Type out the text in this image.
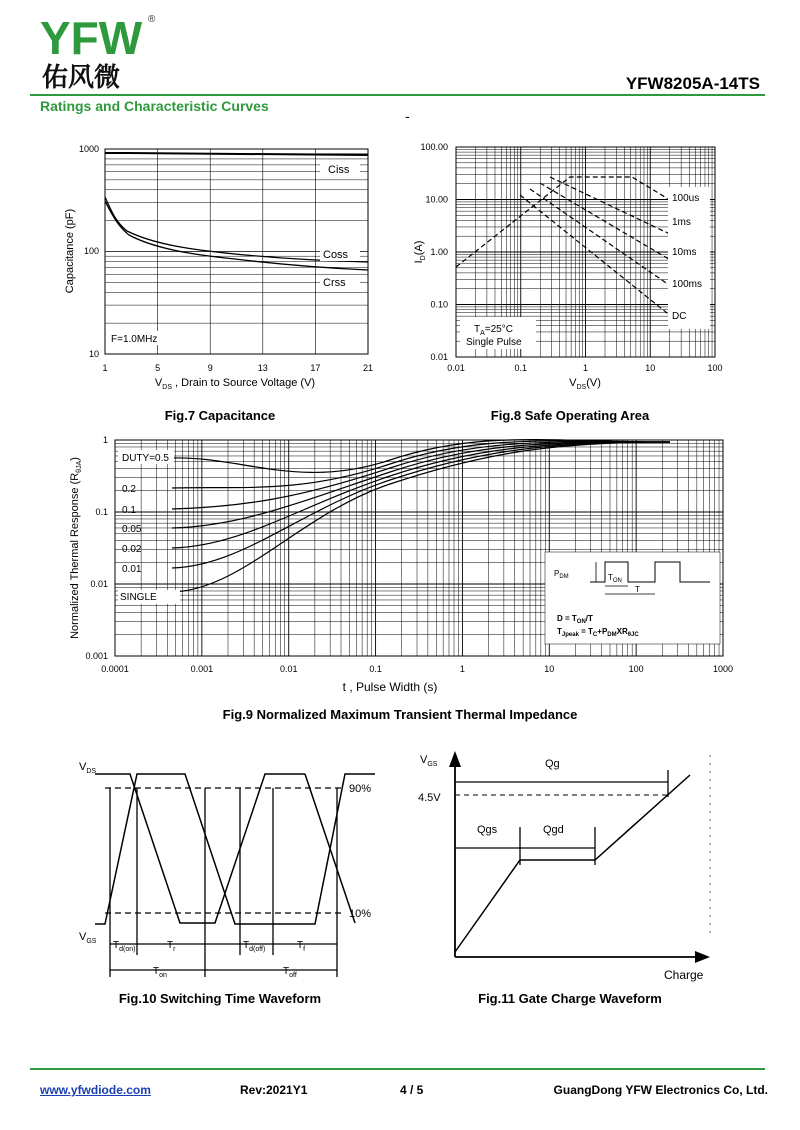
YFW ®
佑风微	YFW8205A-14TS
Ratings and Characteristic Curves
-
Ciss
Coss
Crss
F=1.0MHz
1000
100
10
1	5	9	13	17	21
Capacitance (pF)
$V_{DS}$ , Drain to Source Voltage (V)
Fig.7 Capacitance
100us
1ms
10ms
100ms
DC
$T_A=25^\circ C$
Single Pulse
100.00
10.00
1.00
0.10
0.01
0.01	0.1	1	10	100
$I_D(A)$
$V_{DS}(V)$
Fig.8 Safe Operating Area
DUTY=0.5
0.2
0.1
0.05
0.02
0.01
SINGLE
$P_{DM}$	$T_{ON}$
T
$D = T_{ON}/T$
$T_{Jpeak} = T_C+P_{DM}XR_{\theta JC}$
1
0.1
0.01
0.001
0.0001	0.001	0.01	0.1	1	10	100	1000
Normalized Thermal Response $(R_{\theta JA})$
t , Pulse Width (s)
Fig.9 Normalized Maximum Transient Thermal Impedance
90%
10%
$V_{DS}$
$V_{GS}$ $T_{d(on)}$	$T_r$	$T_{d(off)}$	$T_f$
$T_{on}$	$T_{off}$
Fig.10 Switching Time Waveform
$V_{GS}$
4.5V
Qg
Qgs	Qgd
Charge
Fig.11 Gate Charge Waveform
www.yfwdiode.com	Rev:2021Y1	4 / 5	GuangDong YFW Electronics Co, Ltd.
